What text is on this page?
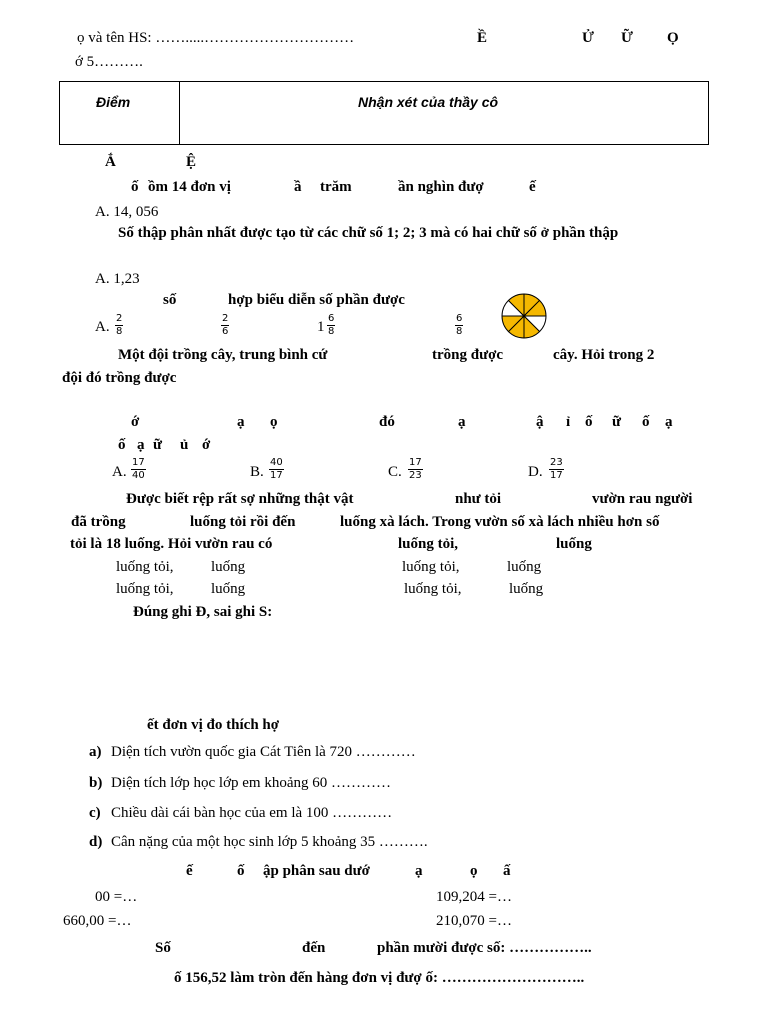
ọ và tên HS: …….....…………………………
ớ 5……….
Ề	Ử Ữ Ọ
Điểm	Nhận xét của thầy cô
Ắ	Ệ
ố ồm 14 đơn vị	ầ trăm	ần nghìn đượ	ế
A. 14, 056
Số thập phân nhất được tạo từ các chữ số 1; 2; 3 mà có hai chữ số ở phần thập
A. 1,23
số	hợp biểu diễn số phần được
A. $\frac{2}{8}$	$\frac{2}{6}$	$1 \frac{6}{8}$	$\frac{6}{8}$
Một đội trồng cây, trung bình cứ	trồng được	cây. Hỏi trong 2
đội đó trồng được
ớ	ạ ọ	đó	ạ	ậ ỉ ố ữ ố ạ
ố ạ ữ ủ ớ
A. $\frac{17}{40}$	B. $\frac{40}{17}$	C. $\frac{17}{23}$	D. $\frac{23}{17}$
Được biết rệp rất sợ những thật vật	như tỏi	vườn rau người
đã trồng	luống tỏi rồi đến	luống xà lách. Trong vườn số xà lách nhiều hơn số
tỏi là 18 luống. Hỏi vườn rau có	luống tỏi,	luống
luống tỏi, luống	luống tỏi,	luống
luống tỏi, luống	luống tỏi,	luống
Đúng ghi Đ, sai ghi S:
ết đơn vị đo thích hợ
a) Diện tích vườn quốc gia Cát Tiên là 720 …………
b) Diện tích lớp học lớp em khoảng 60 …………
c) Chiều dài cái bàn học của em là 100 …………
d) Cân nặng của một học sinh lớp 5 khoảng 35 ……….
ế	ố ập phân sau dướ	ạ	ọ ấ
00 =…	109,204 =…
660,00 =…	210,070 =…
Số	đến	phần mười được số: ……………..
ố 156,52 làm tròn đến hàng đơn vị đượ ố: ………………………..
